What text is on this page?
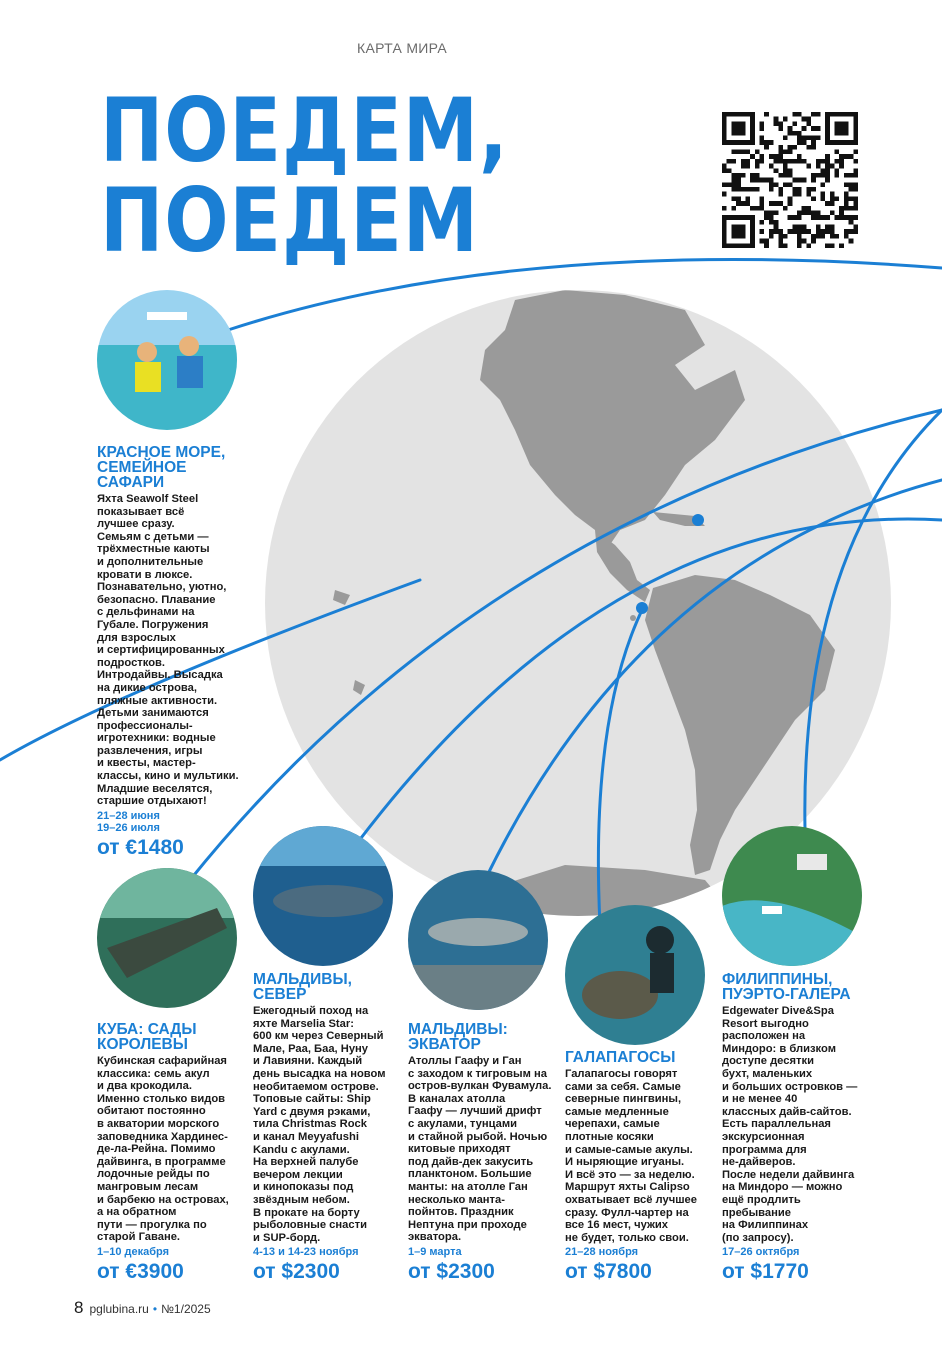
КАРТА МИРА
ПОЕДЕМ,
ПОЕДЕМ
КРАСНОЕ МОРЕ, СЕМЕЙНОЕ САФАРИ
Яхта Seawolf Steel
показывает всё
лучшее сразу.
Семьям с детьми —
трёхместные каюты
и дополнительные
кровати в люксе.
Познавательно, уютно,
безопасно. Плавание
с дельфинами на
Губале. Погружения
для взрослых
и сертифицированных
подростков.
Интродайвы. Высадка
на дикие острова,
пляжные активности.
Детьми занимаются
профессионалы-
игротехники: водные
развлечения, игры
и квесты, мастер-
классы, кино и мультики.
Младшие веселятся,
старшие отдыхают!
21–28 июня
19–26 июля
от €1480
КУБА: САДЫ КОРОЛЕВЫ
Кубинская сафарийная
классика: семь акул
и два крокодила.
Именно столько видов
обитают постоянно
в акватории морского
заповедника Хардинес-
де-ла-Рейна. Помимо
дайвинга, в программе
лодочные рейды по
мангровым лесам
и барбекю на островах,
а на обратном
пути — прогулка по
старой Гаване.
1–10 декабря
от €3900
МАЛЬДИВЫ, СЕВЕР
Ежегодный поход на
яхте Marselia Star:
600 км через Северный
Мале, Раа, Баа, Нуну
и Лавияни. Каждый
день высадка на новом
необитаемом острове.
Топовые сайты: Ship
Yard с двумя рэками,
тила Christmas Rock
и канал Meyyafushi
Kandu с акулами.
На верхней палубе
вечером лекции
и кинопоказы под
звёздным небом.
В прокате на борту
рыболовные снасти
и SUP-борд.
4-13 и 14-23 ноября
от $2300
МАЛЬДИВЫ: ЭКВАТОР
Атоллы Гаафу и Ган
с заходом к тигровым на
остров-вулкан Фувамула.
В каналах атолла
Гаафу — лучший дрифт
с акулами, тунцами
и стайной рыбой. Ночью
китовые приходят
под дайв-дек закусить
планктоном. Большие
манты: на атолле Ган
несколько манта-
пойнтов. Праздник
Нептуна при проходе
экватора.
1–9 марта
от $2300
ГАЛАПАГОСЫ
Галапагосы говорят
сами за себя. Самые
северные пингвины,
самые медленные
черепахи, самые
плотные косяки
и самые-самые акулы.
И ныряющие игуаны.
И всё это — за неделю.
Маршрут яхты Calipso
охватывает всё лучшее
сразу. Фулл-чартер на
все 16 мест, чужих
не будет, только свои.
21–28 ноября
от $7800
ФИЛИППИНЫ, ПУЭРТО-ГАЛЕРА
Edgewater Dive&Spa
Resort выгодно
расположен на
Миндоро: в близком
доступе десятки
бухт, маленьких
и больших островков —
и не менее 40
классных дайв-сайтов.
Есть параллельная
экскурсионная
программа для
не-дайверов.
После недели дайвинга
на Миндоро — можно
ещё продлить
пребывание
на Филиппинах
(по запросу).
17–26 октября
от $1770
8 pglubina.ru • №1/2025
